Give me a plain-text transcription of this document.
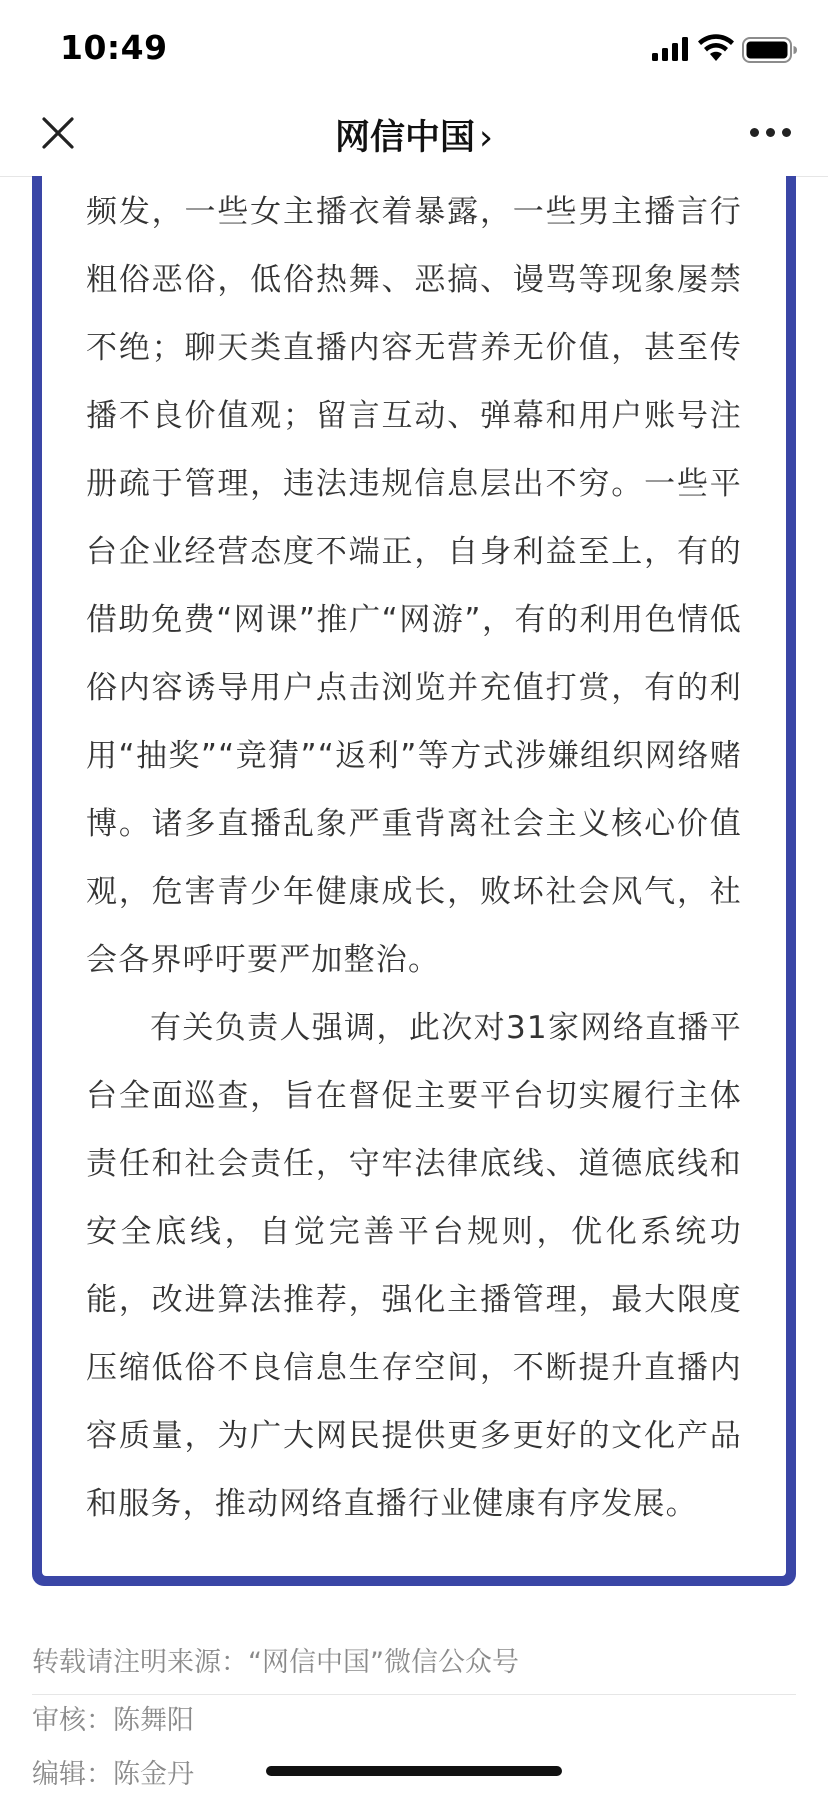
10:49
网信中国 ›

频发，一些女主播衣着暴露，一些男主播言行粗俗恶俗，低俗热舞、恶搞、谩骂等现象屡禁不绝；聊天类直播内容无营养无价值，甚至传播不良价值观；留言互动、弹幕和用户账号注册疏于管理，违法违规信息层出不穷。一些平台企业经营态度不端正，自身利益至上，有的借助免费“网课”推广“网游”，有的利用色情低俗内容诱导用户点击浏览并充值打赏，有的利用“抽奖”“竞猜”“返利”等方式涉嫌组织网络赌博。诸多直播乱象严重背离社会主义核心价值观，危害青少年健康成长，败坏社会风气，社会各界呼吁要严加整治。

有关负责人强调，此次对31家网络直播平台全面巡查，旨在督促主要平台切实履行主体责任和社会责任，守牢法律底线、道德底线和安全底线，自觉完善平台规则，优化系统功能，改进算法推荐，强化主播管理，最大限度压缩低俗不良信息生存空间，不断提升直播内容质量，为广大网民提供更多更好的文化产品和服务，推动网络直播行业健康有序发展。

转载请注明来源：“网信中国”微信公众号
审核：陈舞阳
编辑：陈金丹
